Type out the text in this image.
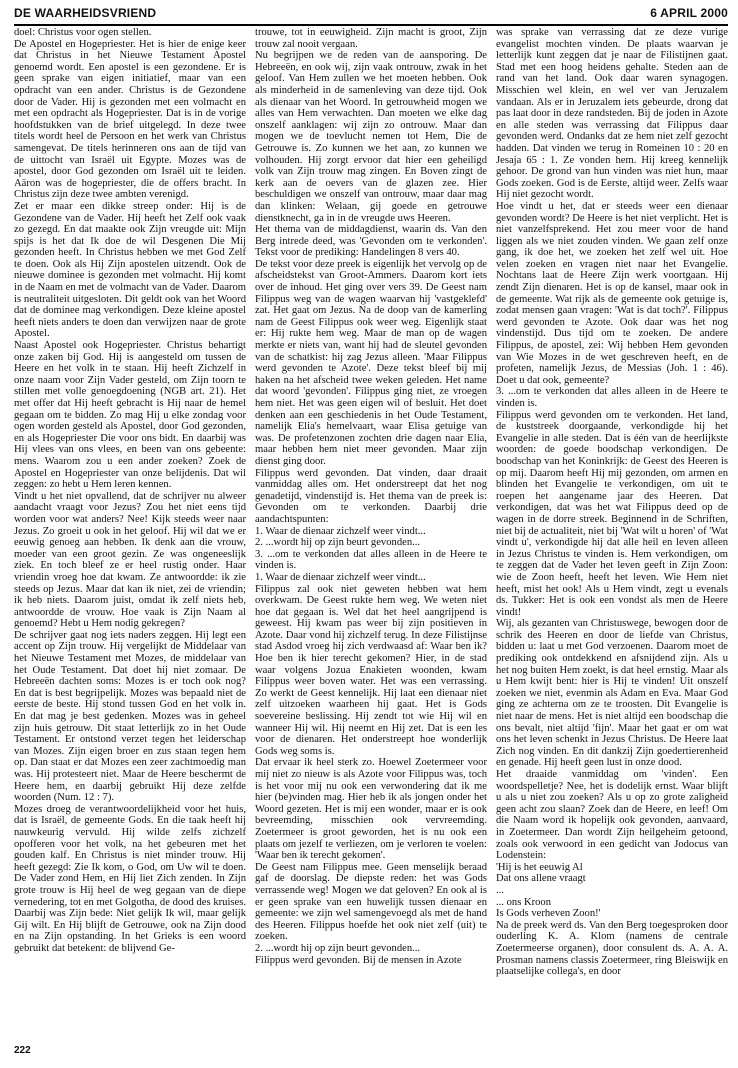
DE WAARHEIDSVRIEND	6 APRIL 2000

doel: Christus voor ogen stellen.

De Apostel en Hogepriester. Het is hier de enige keer dat Christus in het Nieuwe Testament Apostel genoemd wordt. Een apostel is een gezondene. Er is geen sprake van eigen initiatief, maar van een opdracht van een ander. Christus is de Gezondene door de Vader. Hij is gezonden met een volmacht en met een opdracht als Hogepriester. Dat is in de vorige hoofdstukken van de brief uitgelegd. In deze twee titels wordt heel de Persoon en het werk van Christus samengevat. De titels herinneren ons aan de tijd van de uittocht van Israël uit Egypte. Mozes was de apostel, door God gezonden om Israël uit te leiden. Aäron was de hogepriester, die de offers bracht. In Christus zijn deze twee ambten verenigd.

Zet er maar een dikke streep onder: Hij is de Gezondene van de Vader. Hij heeft het Zelf ook vaak zo gezegd. En dat maakte ook Zijn vreugde uit: Mijn spijs is het dat Ik doe de wil Desgenen Die Mij gezonden heeft. In Christus hebben we met God Zelf te doen. Ook als Hij Zijn apostelen uitzendt. Ook de nieuwe dominee is gezonden met volmacht. Hij komt in de Naam en met de volmacht van de Vader. Daarom is neutraliteit uitgesloten. Dit geldt ook van het Woord dat de dominee mag verkondigen. Deze kleine apostel heeft niets anders te doen dan verwijzen naar de grote Apostel.

Naast Apostel ook Hogepriester. Christus behartigt onze zaken bij God. Hij is aangesteld om tussen de Heere en het volk in te staan. Hij heeft Zichzelf in onze naam voor Zijn Vader gesteld, om Zijn toorn te stillen met volle genoegdoening (NGB art. 21). Het met offer dat Hij heeft gebracht is Hij naar de hemel gegaan om te bidden. Zo mag Hij u elke zondag voor ogen worden gesteld als Apostel, door God gezonden, en als Hogepriester Die voor ons bidt. En daarbij was Hij vlees van ons vlees, en been van ons gebeente: mens. Waarom zou u een ander zoeken? Zoek de Apostel en Hogepriester van onze belijdenis. Dat wil zeggen: zo hebt u Hem leren kennen.

Vindt u het niet opvallend, dat de schrijver nu alweer aandacht vraagt voor Jezus? Zou het niet eens tijd worden voor wat anders? Nee! Kijk steeds weer naar Jezus. Zo groeit u ook in het geloof. Hij wil dat we er eeuwig genoeg aan hebben. Ik denk aan die vrouw, moeder van een groot gezin. Ze was ongeneeslijk ziek. En toch bleef ze er heel rustig onder. Haar vriendin vroeg hoe dat kwam. Ze antwoordde: ik zie steeds op Jezus. Maar dat kan ik niet, zei de vriendin; ik heb niets. Daarom juist, omdat ik zelf niets heb, antwoordde de vrouw. Hoe vaak is Zijn Naam al genoemd? Hebt u Hem nodig gekregen?

De schrijver gaat nog iets naders zeggen. Hij legt een accent op Zijn trouw. Hij vergelijkt de Middelaar van het Nieuwe Testament met Mozes, de middelaar van het Oude Testament. Dat doet hij niet zomaar. De Hebreeën dachten soms: Mozes is er toch ook nog? En dat is best begrijpelijk. Mozes was bepaald niet de eerste de beste. Hij stond tussen God en het volk in. En dat mag je best gedenken. Mozes was in geheel zijn huis getrouw. Dit staat letterlijk zo in het Oude Testament. Er ontstond verzet tegen het leiderschap van Mozes. Zijn eigen broer en zus staan tegen hem op. Dan staat er dat Mozes een zeer zachtmoedig man was. Hij protesteert niet. Maar de Heere beschermt de Heere hem, en daarbij gebruikt Hij deze zelfde woorden (Num. 12 : 7).

Mozes droeg de verantwoordelijkheid voor het huis, dat is Israël, de gemeente Gods. En die taak heeft hij nauwkeurig vervuld. Hij wilde zelfs zichzelf opofferen voor het volk, na het gebeuren met het gouden kalf. En Christus is niet minder trouw. Hij heeft gezegd: Zie Ik kom, o God, om Uw wil te doen. De Vader zond Hem, en Hij liet Zich zenden. In Zijn grote trouw is Hij heel de weg gegaan van de diepe vernedering, tot en met Golgotha, de dood des kruises. Daarbij was Zijn bede: Niet gelijk Ik wil, maar gelijk Gij wilt. En Hij blijft de Getrouwe, ook na Zijn dood en na Zijn opstanding. In het Grieks is een woord gebruikt dat betekent: de blijvend Ge-

trouwe, tot in eeuwigheid. Zijn macht is groot, Zijn trouw zal nooit vergaan.

Nu begrijpen we de reden van de aansporing. De Hebreeën, en ook wij, zijn vaak ontrouw, zwak in het geloof. Van Hem zullen we het moeten hebben. Ook als minderheid in de samenleving van deze tijd. Ook als dienaar van het Woord. In getrouwheid mogen we alles van Hem verwachten. Dan moeten we elke dag onszelf aanklagen: wij zijn zo ontrouw. Maar dan mogen we de toevlucht nemen tot Hem, Die de Getrouwe is. Zo kunnen we het aan, zo kunnen we volhouden. Hij zorgt ervoor dat hier een geheiligd volk van Zijn trouw mag zingen. En Boven zingt de kerk aan de oevers van de glazen zee. Hier beschuldigen we onszelf van ontrouw, maar daar mag dan klinken: Welaan, gij goede en getrouwe dienstknecht, ga in in de vreugde uws Heeren.

Het thema van de middagdienst, waarin ds. Van den Berg intrede deed, was 'Gevonden om te verkonden'. Tekst voor de prediking: Handelingen 8 vers 40.

De tekst voor deze preek is eigenlijk het vervolg op de afscheidstekst van Groot-Ammers. Daarom kort iets over de inhoud. Het ging over vers 39. De Geest nam Filippus weg van de wagen waarvan hij 'vastgeklefd' zat. Het gaat om Jezus. Na de doop van de kamerling nam de Geest Filippus ook weer weg. Eigenlijk staat er: Hij rukte hem weg. Maar de man op de wagen merkte er niets van, want hij had de sleutel gevonden van de schatkist: hij zag Jezus alleen. 'Maar Filippus werd gevonden te Azote'. Deze tekst bleef bij mij haken na het afscheid twee weken geleden. Het name dat woord 'gevonden'. Filippus ging niet, ze vroegen hem niet. Het was geen eigen wil of besluit. Het doet denken aan een geschiedenis in het Oude Testament, namelijk Elia's hemelvaart, waar Elisa getuige van was. De profetenzonen zochten drie dagen naar Elia, maar hebben hem niet meer gevonden. Maar zijn dienst ging door.

Filippus werd gevonden. Dat vinden, daar draait vanmiddag alles om. Het onderstreept dat het nog genadetijd, vindenstijd is. Het thema van de preek is: Gevonden om te verkonden. Daarbij drie aandachtspunten:

1. Waar de dienaar zichzelf weer vindt...

2. ...wordt hij op zijn beurt gevonden...

3. ...om te verkonden dat alles alleen in de Heere te vinden is.

1. Waar de dienaar zichzelf weer vindt...

Filippus zal ook niet geweten hebben wat hem overkwam. De Geest rukte hem weg. We weten niet hoe dat gegaan is. Wel dat het heel aangrijpend is geweest. Hij kwam pas weer bij zijn positieven in Azote. Daar vond hij zichzelf terug. In deze Filistijnse stad Asdod vroeg hij zich verdwaasd af: Waar ben ik? Hoe ben ik hier terecht gekomen? Hier, in de stad waar volgens Jozua Enakieten woonden, kwam Filippus weer boven water. Het was een verrassing. Zo werkt de Geest kennelijk. Hij laat een dienaar niet zelf uitzoeken waarheen hij gaat. Het is Gods soevereine beslissing. Hij zendt tot wie Hij wil en wanneer Hij wil. Hij neemt en Hij zet. Dat is een les voor de dienaren. Het onderstreept hoe wonderlijk Gods weg soms is.

Dat ervaar ik heel sterk zo. Hoewel Zoetermeer voor mij niet zo nieuw is als Azote voor Filippus was, toch is het voor mij nu ook een verwondering dat ik me hier (be)vinden mag. Hier heb ik als jongen onder het Woord gezeten. Het is mij een wonder, maar er is ook bevreemding, misschien ook vervreemding. Zoetermeer is groot geworden, het is nu ook een plaats om jezelf te verliezen, om je verloren te voelen: 'Waar ben ik terecht gekomen'.

De Geest nam Filippus mee. Geen menselijk beraad gaf de doorslag. De diepste reden: het was Gods verrassende weg! Mogen we dat geloven? En ook al is er geen sprake van een huwelijk tussen dienaar en gemeente: we zijn wel samengevoegd als met de hand des Heeren. Filippus hoefde het ook niet zelf (uit) te zoeken.

2. ...wordt hij op zijn beurt gevonden...

Filippus werd gevonden. Bij de mensen in Azote

was sprake van verrassing dat ze deze vurige evangelist mochten vinden. De plaats waarvan je letterlijk kunt zeggen dat je naar de Filistijnen gaat. Stad met een hoog heidens gehalte. Steden aan de rand van het land. Ook daar waren synagogen. Misschien wel klein, en wel ver van Jeruzalem vandaan. Als er in Jeruzalem iets gebeurde, drong dat pas laat door in deze randsteden. Bij de joden in Azote en alle steden was verrassing dat Filippus daar gevonden werd. Ondanks dat ze hem niet zelf gezocht hadden. Dat vinden we terug in Romeinen 10 : 20 en Jesaja 65 : 1. Ze vonden hem. Hij kreeg kennelijk gehoor. De grond van hun vinden was niet hun, maar Gods zoeken. God is de Eerste, altijd weer. Zelfs waar Hij niet gezocht wordt.

Hoe vindt u het, dat er steeds weer een dienaar gevonden wordt? De Heere is het niet verplicht. Het is niet vanzelfsprekend. Het zou meer voor de hand liggen als we niet zouden vinden. We gaan zelf onze gang, ik doe het, we zoeken het zelf wel uit. Hoe velen zoeken en vragen niet naar het Evangelie. Nochtans laat de Heere Zijn werk voortgaan. Hij zendt Zijn dienaren. Het is op de kansel, maar ook in de gemeente. Wat rijk als de gemeente ook getuige is, zodat mensen gaan vragen: 'Wat is dat toch?'. Filippus werd gevonden te Azote. Ook daar was het nog vindenstijd. Dus tijd om te zoeken. De andere Filippus, de apostel, zei: Wij hebben Hem gevonden van Wie Mozes in de wet geschreven heeft, en de profeten, namelijk Jezus, de Messias (Joh. 1 : 46). Doet u dat ook, gemeente?

3. ...om te verkonden dat alles alleen in de Heere te vinden is.

Filippus werd gevonden om te verkonden. Het land, de kuststreek doorgaande, verkondigde hij het Evangelie in alle steden. Dat is één van de heerlijkste woorden: de goede boodschap verkondigen. De boodschap van het Koninkrijk: de Geest des Heeren is op mij. Daarom heeft Hij mij gezonden, om armen en blinden het Evangelie te verkondigen, om uit te roepen het aangename jaar des Heeren. Dat verkondigen, dat was het wat Filippus deed op de wagen in de dorre streek. Beginnend in de Schriften, niet bij de actualiteit, niet bij 'Wat wilt u horen' of 'Wat vindt u', verkondigde hij dat alle heil en leven alleen in Jezus Christus te vinden is. Hem verkondigen, om te zeggen dat de Vader het leven geeft in Zijn Zoon: wie de Zoon heeft, heeft het leven. Wie Hem niet heeft, mist het ook! Als u Hem vindt, zegt u evenals ds. Tukker: Het is ook een vondst als men de Heere vindt!

Wij, als gezanten van Christuswege, bewogen door de schrik des Heeren en door de liefde van Christus, bidden u: laat u met God verzoenen. Daarom moet de prediking ook ontdekkend en afsnijdend zijn. Als u het nog buiten Hem zoekt, is dat heel ernstig. Maar als u Hem kwijt bent: hier is Hij te vinden! Uit onszelf zoeken we niet, evenmin als Adam en Eva. Maar God ging ze achterna om ze te troosten. Dit Evangelie is niet naar de mens. Het is niet altijd een boodschap die ons bevalt, niet altijd 'fijn'. Maar het gaat er om wat ons het leven schenkt in Jezus Christus. De Heere laat Zich nog vinden. En dit dankzij Zijn goedertierenheid en genade. Hij heeft geen lust in onze dood.

Het draaide vanmiddag om 'vinden'. Een woordspelletje? Nee, het is dodelijk ernst. Waar blijft u als u niet zou zoeken? Als u op zo grote zaligheid geen acht zou slaan? Zoek dan de Heere, en leef! Om die Naam word ik hopelijk ook gevonden, aanvaard, in Zoetermeer. Dan wordt Zijn heilgeheim getoond, zoals ook verwoord in een gedicht van Jodocus van Lodenstein:

'Hij is het eeuwig Al

Dat ons allene vraagt

...

... ons Kroon

Is Gods verheven Zoon!'

Na de preek werd ds. Van den Berg toegesproken door ouderling K. A. Klom (namens de centrale Zoetermeerse organen), door consulent ds. A. A. A. Prosman namens classis Zoetermeer, ring Bleiswijk en plaatselijke collega's, en door

222
